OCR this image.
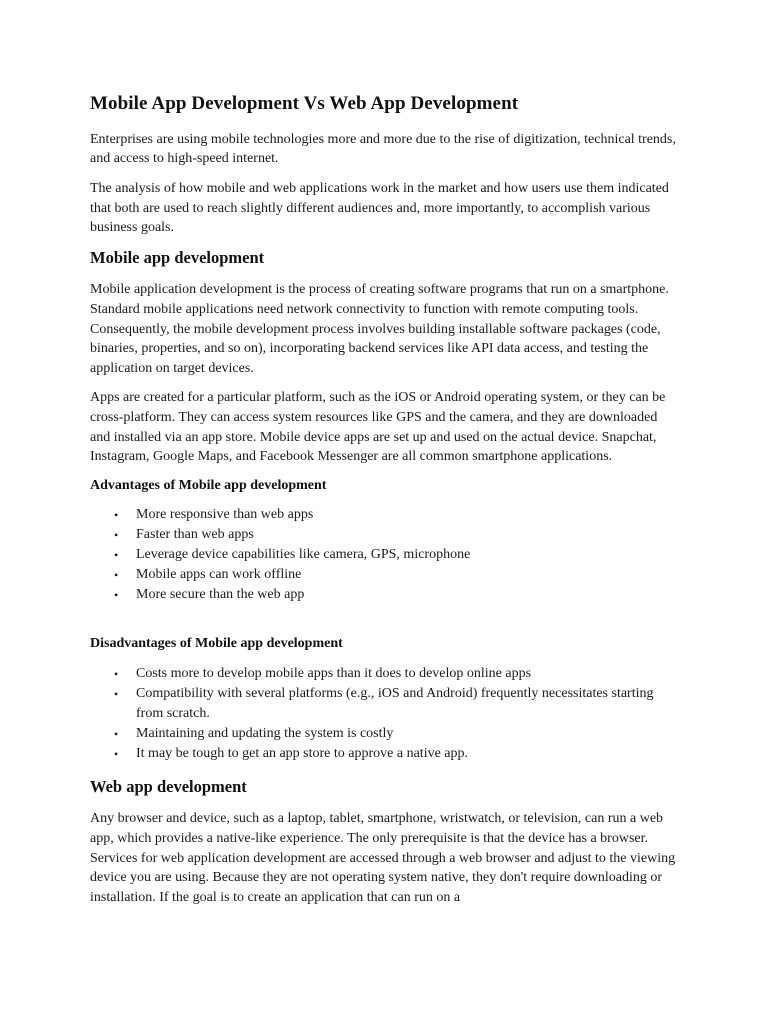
Mobile App Development Vs Web App Development

Enterprises are using mobile technologies more and more due to the rise of digitization, technical trends, and access to high-speed internet.

The analysis of how mobile and web applications work in the market and how users use them indicated that both are used to reach slightly different audiences and, more importantly, to accomplish various business goals.

Mobile app development

Mobile application development is the process of creating software programs that run on a smartphone. Standard mobile applications need network connectivity to function with remote computing tools. Consequently, the mobile development process involves building installable software packages (code, binaries, properties, and so on), incorporating backend services like API data access, and testing the application on target devices.

Apps are created for a particular platform, such as the iOS or Android operating system, or they can be cross-platform. They can access system resources like GPS and the camera, and they are downloaded and installed via an app store. Mobile device apps are set up and used on the actual device. Snapchat, Instagram, Google Maps, and Facebook Messenger are all common smartphone applications.

Advantages of Mobile app development
• More responsive than web apps
• Faster than web apps
• Leverage device capabilities like camera, GPS, microphone
• Mobile apps can work offline
• More secure than the web app
Disadvantages of Mobile app development
• Costs more to develop mobile apps than it does to develop online apps
• Compatibility with several platforms (e.g., iOS and Android) frequently necessitates starting from scratch.
• Maintaining and updating the system is costly
• It may be tough to get an app store to approve a native app.
Web app development

Any browser and device, such as a laptop, tablet, smartphone, wristwatch, or television, can run a web app, which provides a native-like experience. The only prerequisite is that the device has a browser. Services for web application development are accessed through a web browser and adjust to the viewing device you are using. Because they are not operating system native, they don't require downloading or installation. If the goal is to create an application that can run on a
